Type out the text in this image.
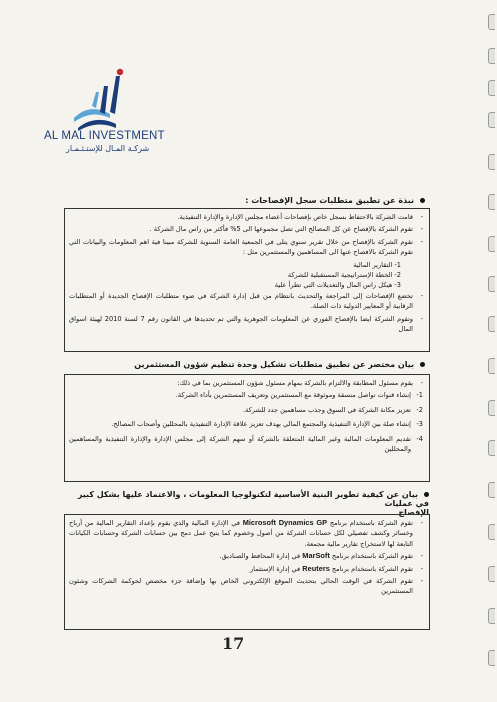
AL MAL INVESTMENT
شركـة المـال للإستـثـمـار
نبذة عن تطبيق متطلبات سجل الإفصاحات :

-
قامت الشركة بالاحتفاظ بسجل خاص بإفصاحات أعضاء مجلس الإدارة والإدارة التنفيذية.

-
تقوم الشركة بالإفصاح عن كل المصالح التي تصل مجموعها الى 5% فأكثر من راس مال الشركة .

-
تقوم الشركة بالإفصاح من خلال تقرير سنوي يتلى في الجمعية العامة السنوية للشركة مبينا فية اهم المعلومات والبيانات التي تقوم الشركة بالافصاح عنها الى المساهمين والمستثمرين مثل :

1- التقارير المالية

2- الخطة الإستراتيجية المستقبلية للشركة

3- هيكل راس المال والتعديلات التي تطرأ علية

-
تخضع الإفصاحات إلى المراجعة والتحديث بانتظام من قبل إدارة الشركة في ضوء متطلبات الإفصاح الجديدة أو المتطلبات الرقابية أو المعايير الدولية ذات الصلة.

-
وتقوم الشركة ايضا بالإفصاح الفوري عن المعلومات الجوهرية والتي تم تحديدها في القانون رقم 7 لسنة 2010 لهيئة اسواق المال

بيان مختصر عن تطبيق متطلبات تشكيل وحدة تنظيم شؤون المستثمرين

-
يقوم مسئول المطابقة والالتزام بالشركة بمهام مسئول شؤون المستثمرين بما في ذلك:

1-
إنشاء قنوات تواصل منسقة وموثوقة مع المستثمرين وتعريف المستثمرين بأداء الشركة.

2-
تعزيز مكانة الشركة في السوق وجذب مساهمين جدد للشركة.

3-
إنشاء صلة بين الإدارة التنفيذية والمجتمع المالي بهدف تعزيز علاقة الإدارة التنفيذية بالمحللين وأصحاب المصالح.

4-
تقديم المعلومات المالية وغير المالية المتعلقة بالشركة أو سهم الشركة إلى مجلس الإدارة والإدارة التنفيذية والمساهمين والمحللين

بيان عن كيفية تطوير البنية الأساسية لتكنولوجيا المعلومات ، والاعتماد عليها بشكل كبير في عمليات
الإفصاح

-
تقوم الشركة باستخدام برنامج Microsoft Dynamics GP في الإدارة المالية والذي يقوم بإعداد التقارير المالية من أرباح وخسائر وكشف تفصيلي لكل حسابات الشركة من أصول وخصوم كما يتيح عمل دمج بين حسابات الشركة وحسابات الكيانات التابعة لها لاستخراج تقارير مالية مجمعة.

-
تقوم الشركة باستخدام برنامج MarSoft في إدارة المحافظ والصناديق.

-
تقوم الشركة باستخدام برنامج Reuters في إدارة الإستثمار

-
تقوم الشركة في الوقت الحالي بتحديث الموقع الإلكتروني الخاص بها وإضافة جزء مخصص لحوكمة الشركات وشئون المستثمرين

17
